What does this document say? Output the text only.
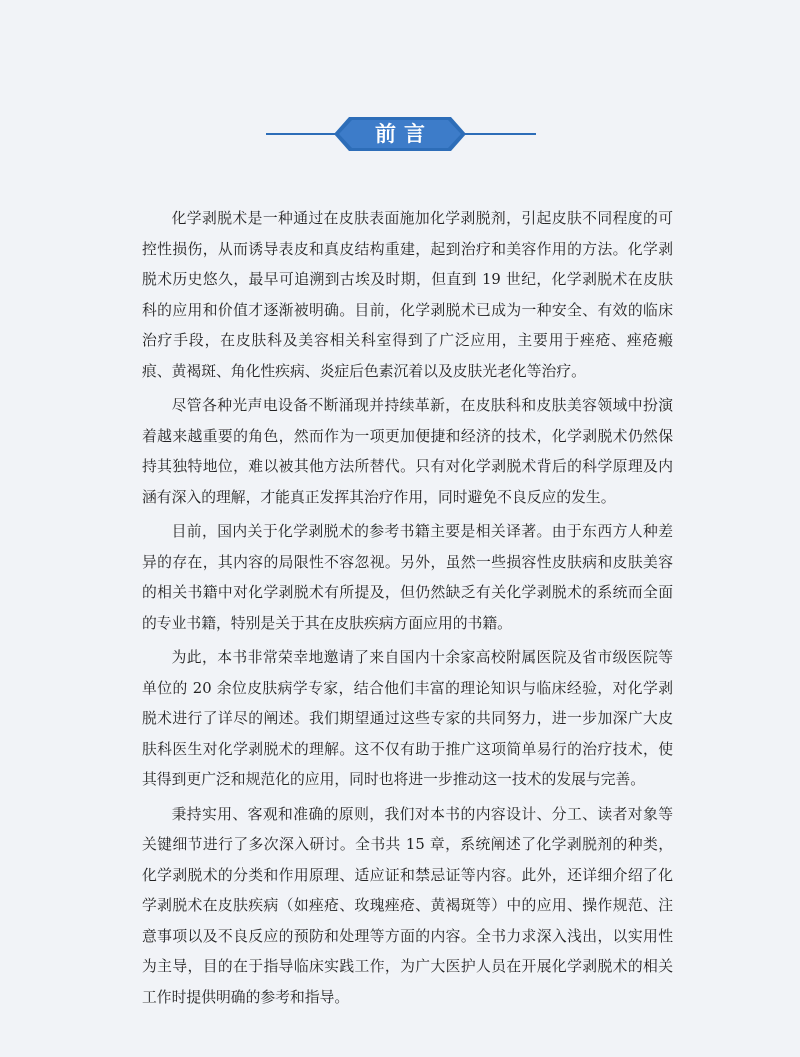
前言

化学剥脱术是一种通过在皮肤表面施加化学剥脱剂，引起皮肤不同程度的可控性损伤，从而诱导表皮和真皮结构重建，起到治疗和美容作用的方法。化学剥脱术历史悠久，最早可追溯到古埃及时期，但直到 19 世纪，化学剥脱术在皮肤科的应用和价值才逐渐被明确。目前，化学剥脱术已成为一种安全、有效的临床治疗手段，在皮肤科及美容相关科室得到了广泛应用，主要用于痤疮、痤疮瘢痕、黄褐斑、角化性疾病、炎症后色素沉着以及皮肤光老化等治疗。

尽管各种光声电设备不断涌现并持续革新，在皮肤科和皮肤美容领域中扮演着越来越重要的角色，然而作为一项更加便捷和经济的技术，化学剥脱术仍然保持其独特地位，难以被其他方法所替代。只有对化学剥脱术背后的科学原理及内涵有深入的理解，才能真正发挥其治疗作用，同时避免不良反应的发生。

目前，国内关于化学剥脱术的参考书籍主要是相关译著。由于东西方人种差异的存在，其内容的局限性不容忽视。另外，虽然一些损容性皮肤病和皮肤美容的相关书籍中对化学剥脱术有所提及，但仍然缺乏有关化学剥脱术的系统而全面的专业书籍，特别是关于其在皮肤疾病方面应用的书籍。

为此，本书非常荣幸地邀请了来自国内十余家高校附属医院及省市级医院等单位的 20 余位皮肤病学专家，结合他们丰富的理论知识与临床经验，对化学剥脱术进行了详尽的阐述。我们期望通过这些专家的共同努力，进一步加深广大皮肤科医生对化学剥脱术的理解。这不仅有助于推广这项简单易行的治疗技术，使其得到更广泛和规范化的应用，同时也将进一步推动这一技术的发展与完善。

秉持实用、客观和准确的原则，我们对本书的内容设计、分工、读者对象等关键细节进行了多次深入研讨。全书共 15 章，系统阐述了化学剥脱剂的种类，化学剥脱术的分类和作用原理、适应证和禁忌证等内容。此外，还详细介绍了化学剥脱术在皮肤疾病（如痤疮、玫瑰痤疮、黄褐斑等）中的应用、操作规范、注意事项以及不良反应的预防和处理等方面的内容。全书力求深入浅出，以实用性为主导，目的在于指导临床实践工作，为广大医护人员在开展化学剥脱术的相关工作时提供明确的参考和指导。
